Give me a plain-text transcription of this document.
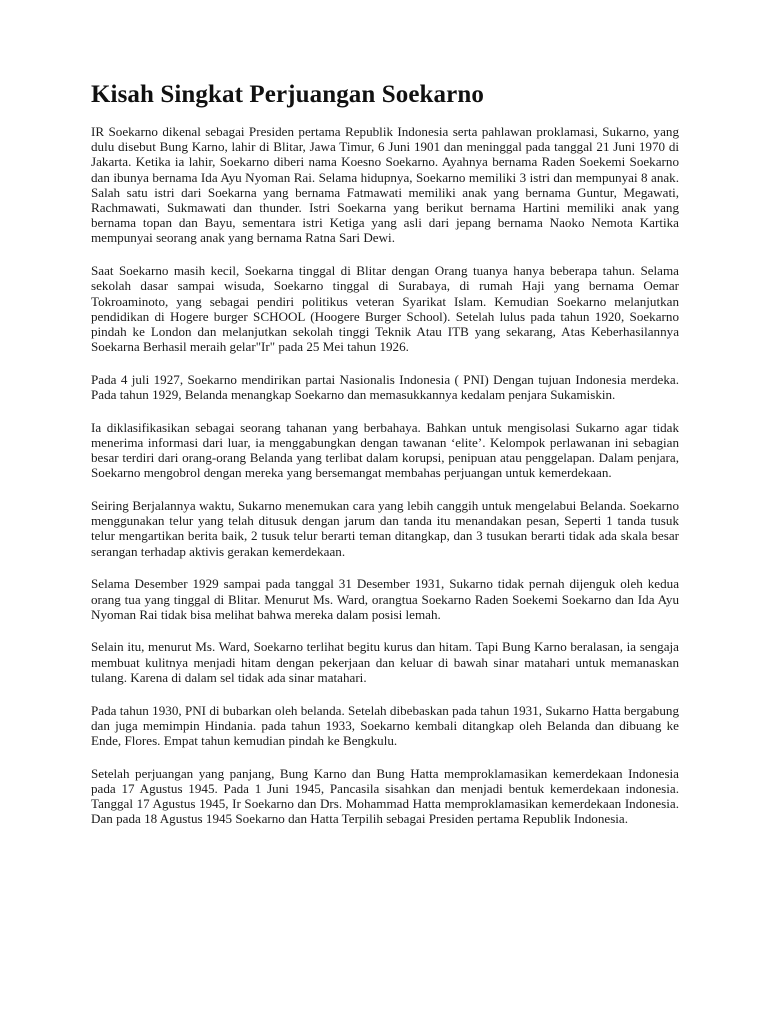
Kisah Singkat Perjuangan Soekarno

IR Soekarno dikenal sebagai Presiden pertama Republik Indonesia serta pahlawan proklamasi, Sukarno, yang dulu disebut Bung Karno, lahir di Blitar, Jawa Timur, 6 Juni 1901 dan meninggal pada tanggal 21 Juni 1970 di Jakarta. Ketika ia lahir, Soekarno diberi nama Koesno Soekarno. Ayahnya bernama Raden Soekemi Soekarno dan ibunya bernama Ida Ayu Nyoman Rai. Selama hidupnya, Soekarno memiliki 3 istri dan mempunyai 8 anak. Salah satu istri dari Soekarna yang bernama Fatmawati memiliki anak yang bernama Guntur, Megawati, Rachmawati, Sukmawati dan thunder. Istri Soekarna yang berikut bernama Hartini memiliki anak yang bernama topan dan Bayu, sementara istri Ketiga yang asli dari jepang bernama Naoko Nemota Kartika mempunyai seorang anak yang bernama Ratna Sari Dewi.

Saat Soekarno masih kecil, Soekarna tinggal di Blitar dengan Orang tuanya hanya beberapa tahun. Selama sekolah dasar sampai wisuda, Soekarno tinggal di Surabaya, di rumah Haji yang bernama Oemar Tokroaminoto, yang sebagai pendiri politikus veteran Syarikat Islam. Kemudian Soekarno melanjutkan pendidikan di Hogere burger SCHOOL (Hoogere Burger School). Setelah lulus pada tahun 1920, Soekarno pindah ke London dan melanjutkan sekolah tinggi Teknik Atau ITB yang sekarang, Atas Keberhasilannya Soekarna Berhasil meraih gelar"Ir" pada 25 Mei tahun 1926.

Pada 4 juli 1927, Soekarno mendirikan partai Nasionalis Indonesia ( PNI) Dengan tujuan Indonesia merdeka. Pada tahun 1929, Belanda menangkap Soekarno dan memasukkannya kedalam penjara Sukamiskin.

Ia diklasifikasikan sebagai seorang tahanan yang berbahaya. Bahkan untuk mengisolasi Sukarno agar tidak menerima informasi dari luar, ia menggabungkan dengan tawanan ‘elite’. Kelompok perlawanan ini sebagian besar terdiri dari orang-orang Belanda yang terlibat dalam korupsi, penipuan atau penggelapan. Dalam penjara, Soekarno mengobrol dengan mereka yang bersemangat membahas perjuangan untuk kemerdekaan.

Seiring Berjalannya waktu, Sukarno menemukan cara yang lebih canggih untuk mengelabui Belanda. Soekarno menggunakan telur yang telah ditusuk dengan jarum dan tanda itu menandakan pesan, Seperti 1 tanda tusuk telur mengartikan berita baik, 2 tusuk telur berarti teman ditangkap, dan 3 tusukan berarti tidak ada skala besar serangan terhadap aktivis gerakan kemerdekaan.

Selama Desember 1929 sampai pada tanggal 31 Desember 1931, Sukarno tidak pernah dijenguk oleh kedua orang tua yang tinggal di Blitar. Menurut Ms. Ward, orangtua Soekarno Raden Soekemi Soekarno dan Ida Ayu Nyoman Rai tidak bisa melihat bahwa mereka dalam posisi lemah.

Selain itu, menurut Ms. Ward, Soekarno terlihat begitu kurus dan hitam. Tapi Bung Karno beralasan, ia sengaja membuat kulitnya menjadi hitam dengan pekerjaan dan keluar di bawah sinar matahari untuk memanaskan tulang. Karena di dalam sel tidak ada sinar matahari.

Pada tahun 1930, PNI di bubarkan oleh belanda. Setelah dibebaskan pada tahun 1931, Sukarno Hatta bergabung dan juga memimpin Hindania. pada tahun 1933, Soekarno kembali ditangkap oleh Belanda dan dibuang ke Ende, Flores. Empat tahun kemudian pindah ke Bengkulu.

Setelah perjuangan yang panjang, Bung Karno dan Bung Hatta memproklamasikan kemerdekaan Indonesia pada 17 Agustus 1945. Pada 1 Juni 1945, Pancasila sisahkan dan menjadi bentuk kemerdekaan indonesia. Tanggal 17 Agustus 1945, Ir Soekarno dan Drs. Mohammad Hatta memproklamasikan kemerdekaan Indonesia. Dan pada 18 Agustus 1945 Soekarno dan Hatta Terpilih sebagai Presiden pertama Republik Indonesia.
